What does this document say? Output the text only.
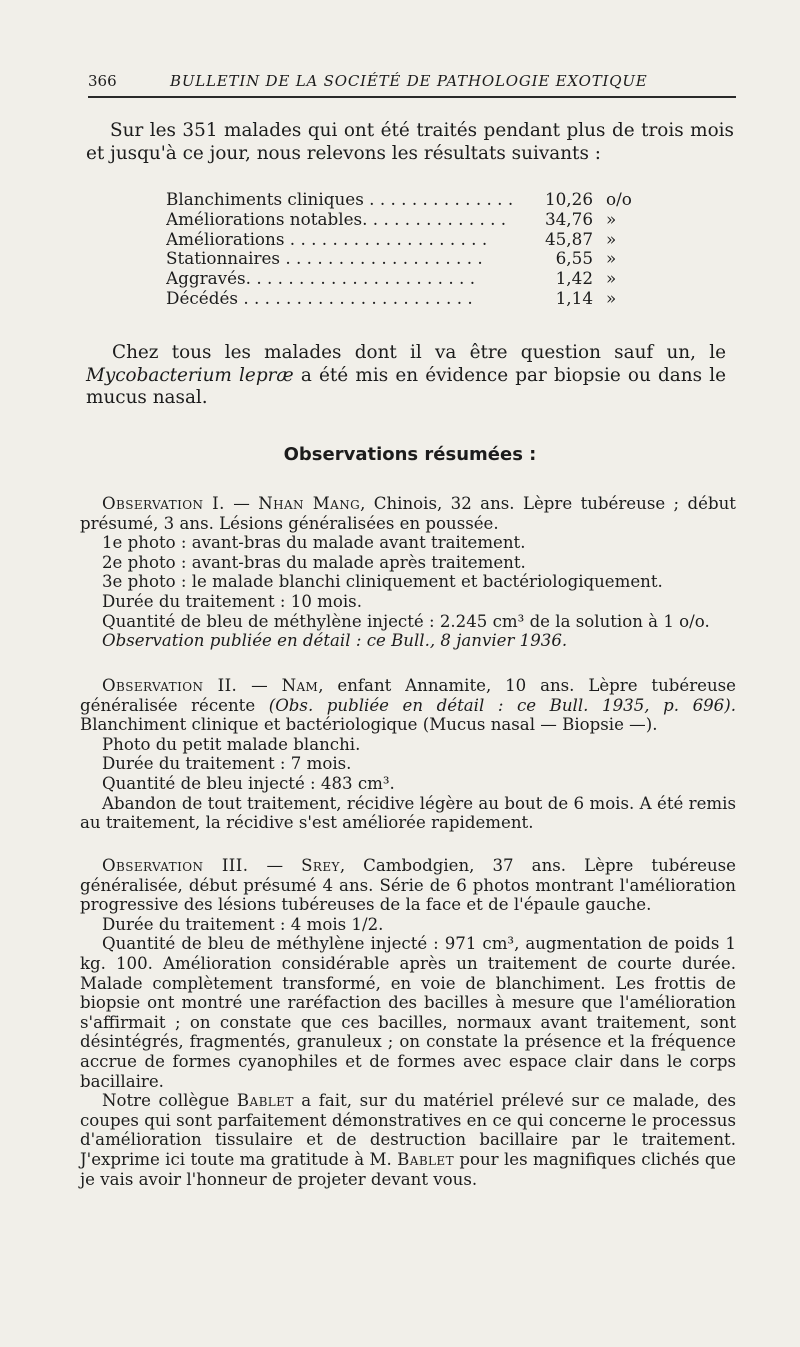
366	BULLETIN DE LA SOCIÉTÉ DE PATHOLOGIE EXOTIQUE
Sur les 351 malades qui ont été traités pendant plus de trois mois et jusqu'à ce jour, nous relevons les résultats suivants :
Blanchiments cliniques . . . . . . . . . . . . . .	10,26 o/o
Améliorations notables. . . . . . . . . . . . . .	34,76 »
Améliorations . . . . . . . . . . . . . . . . . . .	45,87 »
Stationnaires . . . . . . . . . . . . . . . . . . .	6,55 »
Aggravés. . . . . . . . . . . . . . . . . . . . . .	1,42 »
Décédés . . . . . . . . . . . . . . . . . . . . . .	1,14 »
Chez tous les malades dont il va être question sauf un, le Mycobacterium lepræ a été mis en évidence par biopsie ou dans le mucus nasal.
Observations résumées :

Observation I. — Nhan Mang, Chinois, 32 ans. Lèpre tubéreuse ; début présumé, 3 ans. Lésions généralisées en poussée.

1e photo : avant-bras du malade avant traitement.

2e photo : avant-bras du malade après traitement.

3e photo : le malade blanchi cliniquement et bactériologiquement.

Durée du traitement : 10 mois.

Quantité de bleu de méthylène injecté : 2.245 cm³ de la solution à 1 o/o.

Observation publiée en détail : ce Bull., 8 janvier 1936.

Observation II. — Nam, enfant Annamite, 10 ans. Lèpre tubéreuse généralisée récente (Obs. publiée en détail : ce Bull. 1935, p. 696). Blanchiment clinique et bactériologique (Mucus nasal — Biopsie —).

Photo du petit malade blanchi.

Durée du traitement : 7 mois.

Quantité de bleu injecté : 483 cm³.

Abandon de tout traitement, récidive légère au bout de 6 mois. A été remis au traitement, la récidive s'est améliorée rapidement.

Observation III. — Srey, Cambodgien, 37 ans. Lèpre tubéreuse généralisée, début présumé 4 ans. Série de 6 photos montrant l'amélioration progressive des lésions tubéreuses de la face et de l'épaule gauche.

Durée du traitement : 4 mois 1/2.

Quantité de bleu de méthylène injecté : 971 cm³, augmentation de poids 1 kg. 100. Amélioration considérable après un traitement de courte durée. Malade complètement transformé, en voie de blanchiment. Les frottis de biopsie ont montré une raréfaction des bacilles à mesure que l'amélioration s'affirmait ; on constate que ces bacilles, normaux avant traitement, sont désintégrés, fragmentés, granuleux ; on constate la présence et la fréquence accrue de formes cyanophiles et de formes avec espace clair dans le corps bacillaire.

Notre collègue Bablet a fait, sur du matériel prélevé sur ce malade, des coupes qui sont parfaitement démonstratives en ce qui concerne le processus d'amélioration tissulaire et de destruction bacillaire par le traitement. J'exprime ici toute ma gratitude à M. Bablet pour les magnifiques clichés que je vais avoir l'honneur de projeter devant vous.
